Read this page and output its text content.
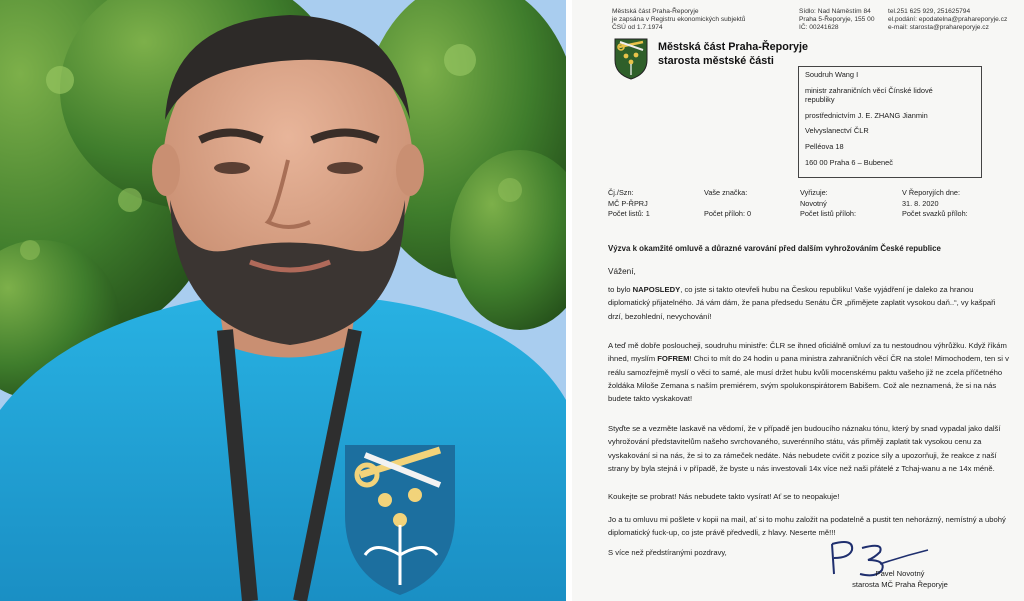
Městská část Praha-Řeporyje
je zapsána v Registru ekonomických subjektů
ČSÚ od 1.7.1974
Sídlo: Nad Náměstím 84
Praha 5-Řeporyje, 155 00
IČ: 00241628
tel.251 625 929, 251625794
el.podání: epodatelna@prahareporyje.cz
e-mail: starosta@prahareporyje.cz
Městská část Praha-Řeporyje
starosta městské části
Soudruh Wang I
ministr zahraničních věcí Čínské lidové
republiky
prostřednictvím J. E. ZHANG Jianmin
Velvyslanectví ČLR
Pelléova 18
160 00 Praha 6 – Bubeneč
Čj./Szn:
MČ P-ŘPRJ
Počet listů: 1
Vaše značka:

Počet příloh: 0
Vyřizuje:
Novotný
Počet listů příloh:
V Řeporyjích dne:
31. 8. 2020
Počet svazků příloh:
Výzva k okamžité omluvě a důrazné varování před dalším vyhrožováním České republice
Vážení,
to bylo NAPOSLEDY, co jste si takto otevřeli hubu na Českou republiku! Vaše vyjádření je daleko za hranou diplomatický přijatelného. Já vám dám, že pana předsedu Senátu ČR „přimějete zaplatit vysokou daň..“, vy kašpaři drzí, bezohlední, nevychování!
A teď mě dobře posloucheji, soudruhu ministře: ČLR se ihned oficiálně omluví za tu nestoudnou výhrůžku. Když říkám ihned, myslím FOFREM! Chci to mít do 24 hodin u pana ministra zahraničních věcí ČR na stole! Mimochodem, ten si v reálu samozřejmě myslí o věci to samé, ale musí držet hubu kvůli mocenskému paktu vašeho již ne zcela příčetného žoldáka Miloše Zemana s naším premiérem, svým spolukonspirátorem Babišem. Což ale neznamená, že si na nás budete takto vyskakovat!
Styďte se a vezměte laskavě na vědomí, že v případě jen budoucího náznaku tónu, který by snad vypadal jako další vyhrožování představitelům našeho svrchovaného, suverénního státu, vás přiměji zaplatit tak vysokou cenu za vyskakování si na nás, že si to za rámeček nedáte. Nás nebudete cvičit z pozice síly a upozorňuji, že reakce z naší strany by byla stejná i v případě, že byste u nás investovali 14x více než naši přátelé z Tchaj-wanu a ne 14x méně.
Koukejte se probrat! Nás nebudete takto vysírat! Ať se to neopakuje!
Jo a tu omluvu mi pošlete v kopii na mail, ať si to mohu založit na podatelně a pustit ten nehorázný, nemístný a ubohý diplomatický fuck-up, co jste právě předvedli, z hlavy. Neserte mě!!!
S více než předstíranými pozdravy,
Pavel Novotný
starosta MČ Praha Řeporyje
